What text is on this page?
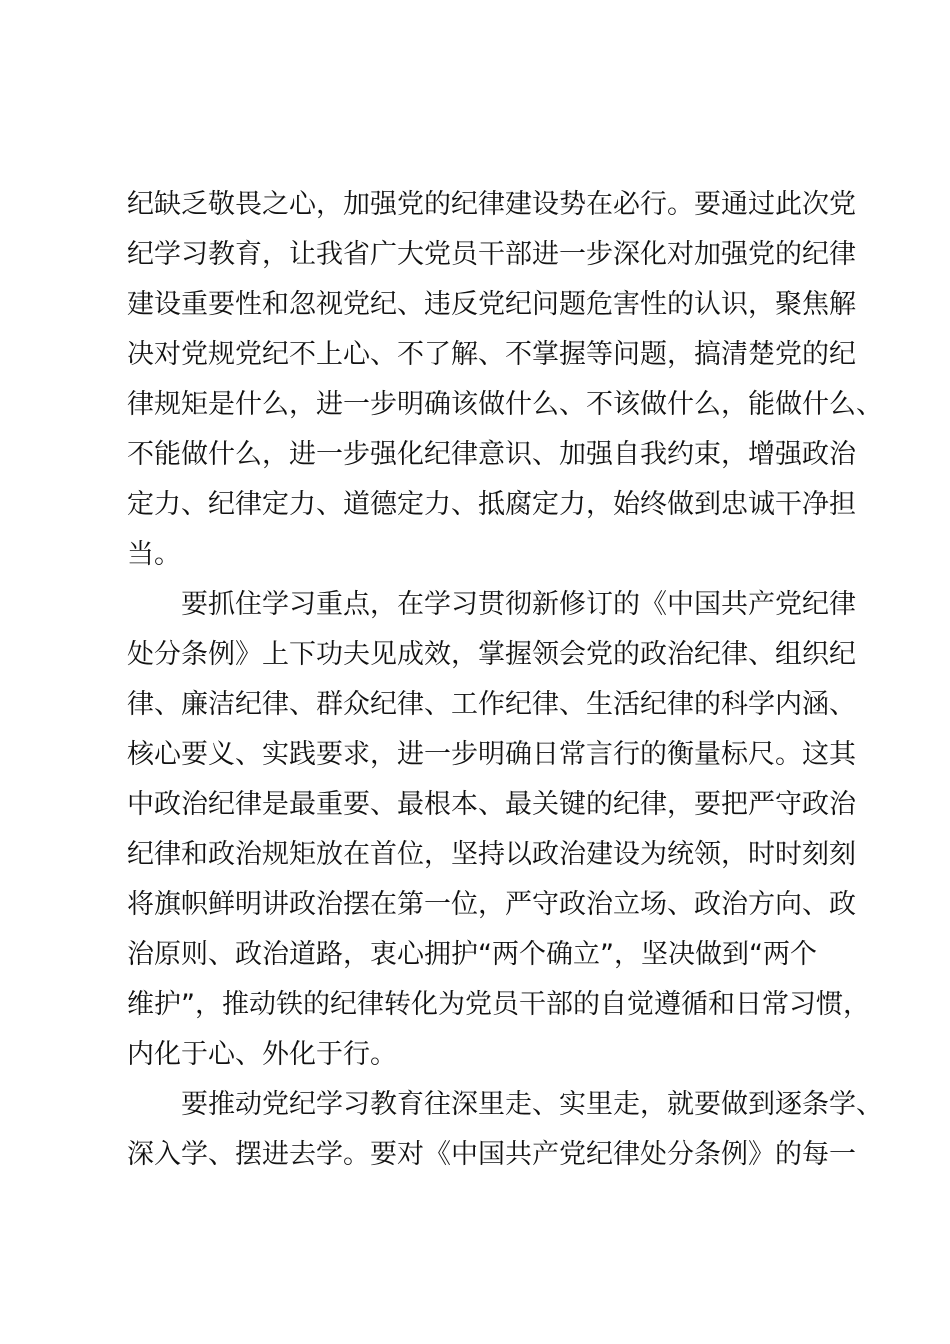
纪缺乏敬畏之心，加强党的纪律建设势在必行。要通过此次党
纪学习教育，让我省广大党员干部进一步深化对加强党的纪律
建设重要性和忽视党纪、违反党纪问题危害性的认识，聚焦解
决对党规党纪不上心、不了解、不掌握等问题，搞清楚党的纪
律规矩是什么，进一步明确该做什么、不该做什么，能做什么、
不能做什么，进一步强化纪律意识、加强自我约束，增强政治
定力、纪律定力、道德定力、抵腐定力，始终做到忠诚干净担
当。
　　要抓住学习重点，在学习贯彻新修订的《中国共产党纪律
处分条例》上下功夫见成效，掌握领会党的政治纪律、组织纪
律、廉洁纪律、群众纪律、工作纪律、生活纪律的科学内涵、
核心要义、实践要求，进一步明确日常言行的衡量标尺。这其
中政治纪律是最重要、最根本、最关键的纪律，要把严守政治
纪律和政治规矩放在首位，坚持以政治建设为统领，时时刻刻
将旗帜鲜明讲政治摆在第一位，严守政治立场、政治方向、政
治原则、政治道路，衷心拥护“两个确立”，坚决做到“两个
维护”，推动铁的纪律转化为党员干部的自觉遵循和日常习惯，
内化于心、外化于行。
　　要推动党纪学习教育往深里走、实里走，就要做到逐条学、
深入学、摆进去学。要对《中国共产党纪律处分条例》的每一
